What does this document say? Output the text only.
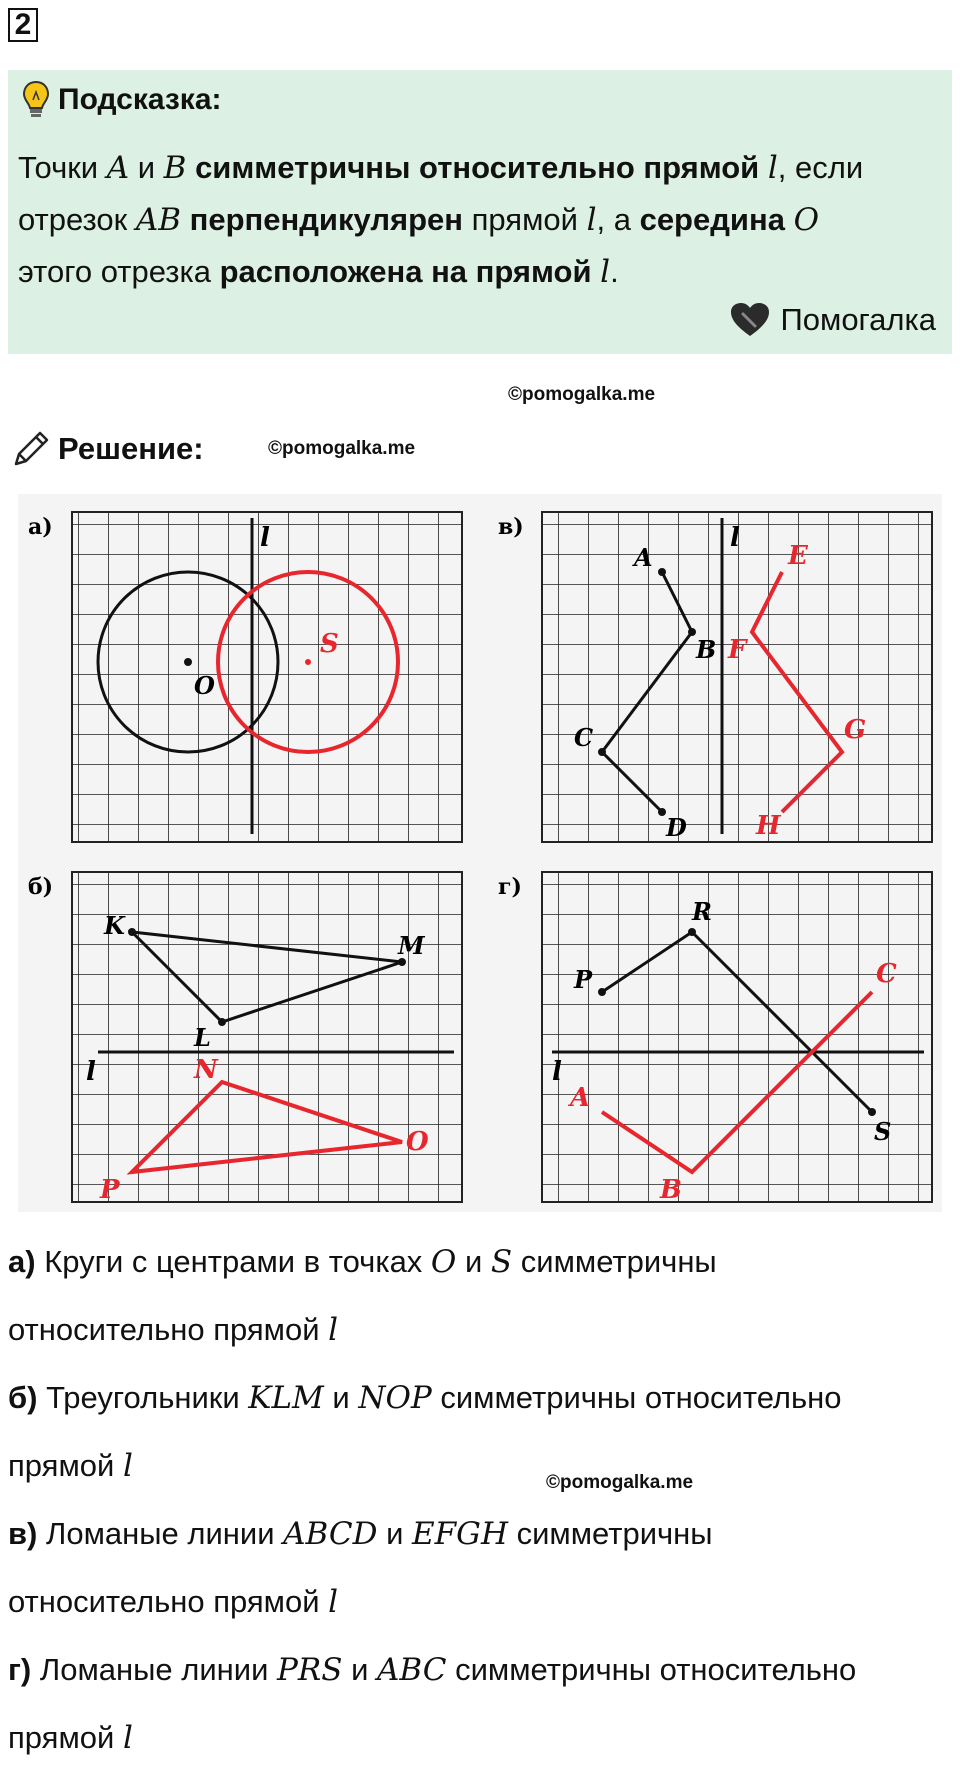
2
Подсказка:
Точки A и B симметричны относительно прямой l, если
отрезок AB перпендикулярен прямой l, а середина O
этого отрезка расположена на прямой l.
Помогалка
©pomogalka.me
©pomogalka.me
©pomogalka.me
Решение:
а)	l
O
S
в)	l
A
B
C
D
E
F
G
H
б)
l
K
L
M
N
O
P
г)
l
P
R
S
A
B
C
а) Круги с центрами в точках O и S симметричны
относительно прямой l
б) Треугольники KLM и NOP симметричны относительно
прямой l
в) Ломаные линии ABCD и EFGH симметричны
относительно прямой l
г) Ломаные линии PRS и ABC симметричны относительно
прямой l
